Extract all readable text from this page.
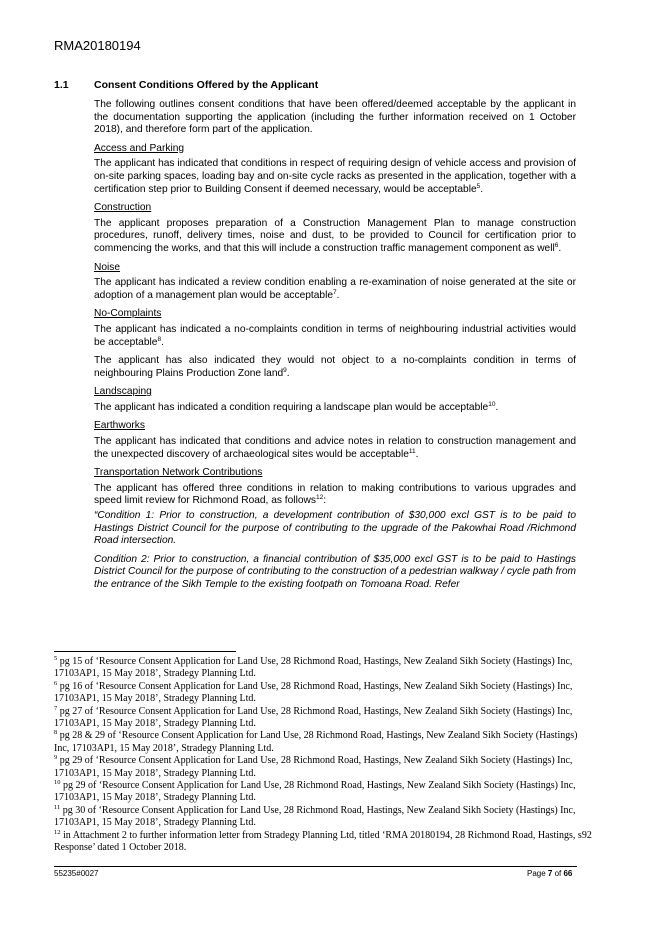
RMA20180194
1.1 Consent Conditions Offered by the Applicant

The following outlines consent conditions that have been offered/deemed acceptable by the applicant in the documentation supporting the application (including the further information received on 1 October 2018), and therefore form part of the application.

Access and Parking

The applicant has indicated that conditions in respect of requiring design of vehicle access and provision of on-site parking spaces, loading bay and on-site cycle racks as presented in the application, together with a certification step prior to Building Consent if deemed necessary, would be acceptable$^5$.

Construction

The applicant proposes preparation of a Construction Management Plan to manage construction procedures, runoff, delivery times, noise and dust, to be provided to Council for certification prior to commencing the works, and that this will include a construction traffic management component as well$^6$.

Noise

The applicant has indicated a review condition enabling a re-examination of noise generated at the site or adoption of a management plan would be acceptable$^7$.

No-Complaints

The applicant has indicated a no-complaints condition in terms of neighbouring industrial activities would be acceptable$^8$.

The applicant has also indicated they would not object to a no-complaints condition in terms of neighbouring Plains Production Zone land$^9$.

Landscaping

The applicant has indicated a condition requiring a landscape plan would be acceptable$^{10}$.

Earthworks

The applicant has indicated that conditions and advice notes in relation to construction management and the unexpected discovery of archaeological sites would be acceptable$^{11}$.

Transportation Network Contributions

The applicant has offered three conditions in relation to making contributions to various upgrades and speed limit review for Richmond Road, as follows$^{12}$:

“Condition 1: Prior to construction, a development contribution of $30,000 excl GST is to be paid to Hastings District Council for the purpose of contributing to the upgrade of the Pakowhai Road /Richmond Road intersection.

Condition 2: Prior to construction, a financial contribution of $35,000 excl GST is to be paid to Hastings District Council for the purpose of contributing to the construction of a pedestrian walkway / cycle path from the entrance of the Sikh Temple to the existing footpath on Tomoana Road. Refer

$^5$ pg 15 of ‘Resource Consent Application for Land Use, 28 Richmond Road, Hastings, New Zealand Sikh Society (Hastings) Inc, 17103AP1, 15 May 2018’, Stradegy Planning Ltd.

$^6$ pg 16 of ‘Resource Consent Application for Land Use, 28 Richmond Road, Hastings, New Zealand Sikh Society (Hastings) Inc, 17103AP1, 15 May 2018’, Stradegy Planning Ltd.

$^7$ pg 27 of ‘Resource Consent Application for Land Use, 28 Richmond Road, Hastings, New Zealand Sikh Society (Hastings) Inc, 17103AP1, 15 May 2018’, Stradegy Planning Ltd.

$^8$ pg 28 & 29 of ‘Resource Consent Application for Land Use, 28 Richmond Road, Hastings, New Zealand Sikh Society (Hastings) Inc, 17103AP1, 15 May 2018’, Stradegy Planning Ltd.

$^9$ pg 29 of ‘Resource Consent Application for Land Use, 28 Richmond Road, Hastings, New Zealand Sikh Society (Hastings) Inc, 17103AP1, 15 May 2018’, Stradegy Planning Ltd.

$^{10}$ pg 29 of ‘Resource Consent Application for Land Use, 28 Richmond Road, Hastings, New Zealand Sikh Society (Hastings) Inc, 17103AP1, 15 May 2018’, Stradegy Planning Ltd.

$^{11}$ pg 30 of ‘Resource Consent Application for Land Use, 28 Richmond Road, Hastings, New Zealand Sikh Society (Hastings) Inc, 17103AP1, 15 May 2018’, Stradegy Planning Ltd.

$^{12}$ in Attachment 2 to further information letter from Stradegy Planning Ltd, titled ‘RMA 20180194, 28 Richmond Road, Hastings, s92 Response’ dated 1 October 2018.

55235#0027	Page 7 of 66
